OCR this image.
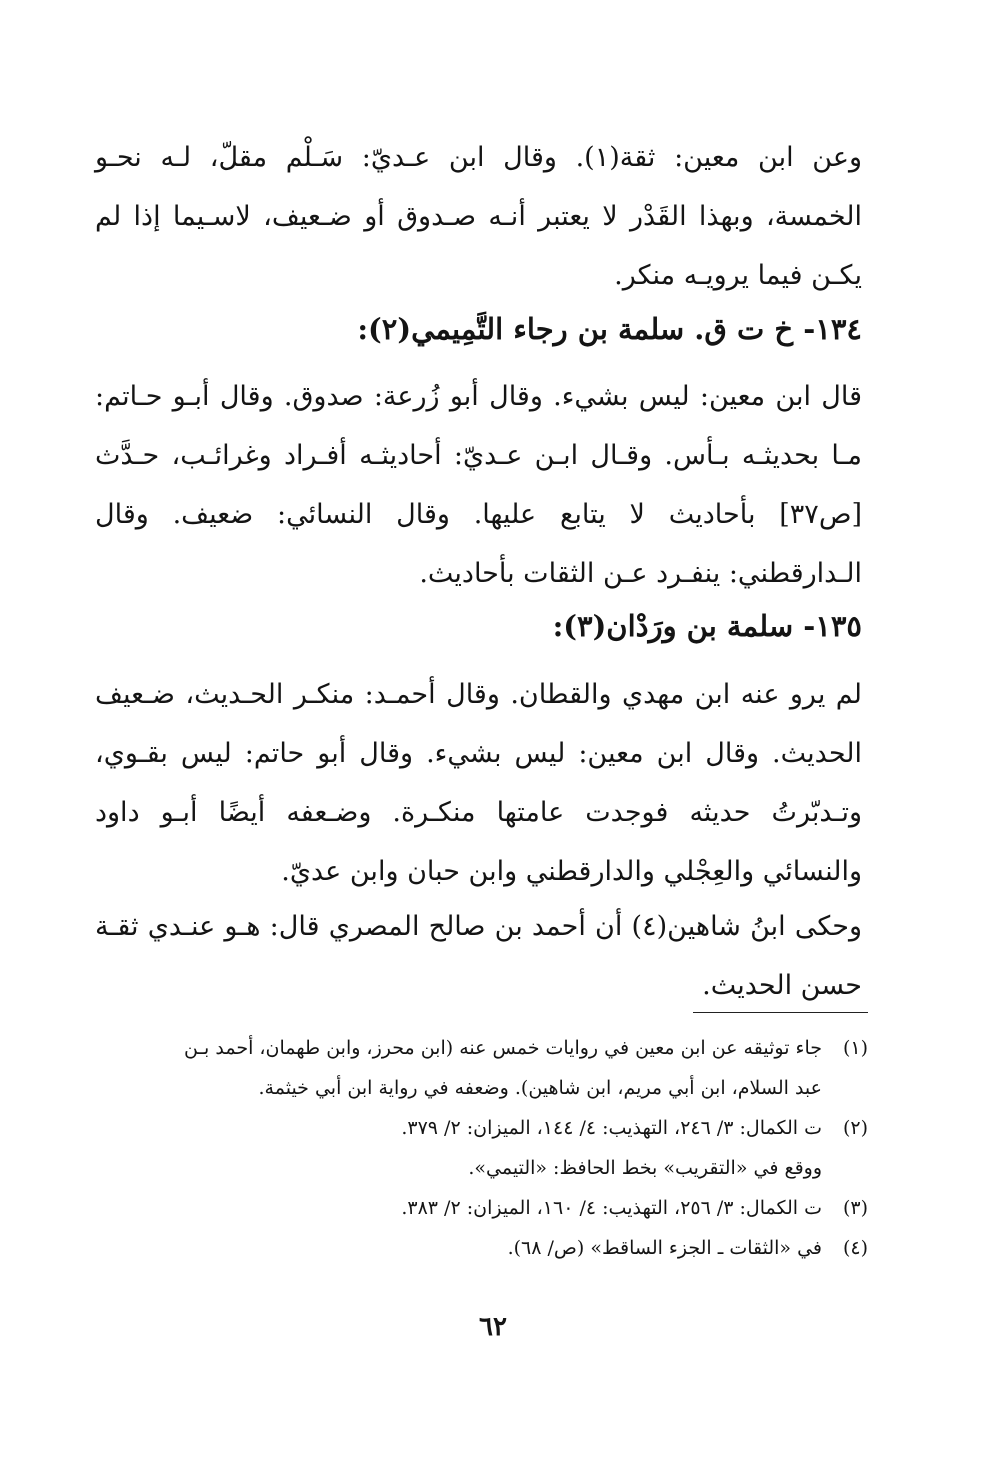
وعن ابن معين: ثقة(١). وقال ابن عـديّ: سَـلْم مقلّ، لـه نحـو الخمسة، وبهذا القَدْر لا يعتبر أنـه صـدوق أو ضـعيف، لاسـيما إذا لم يكـن فيما يرويـه منكر.

١٣٤- خ ت ق. سلمة بن رجاء التَّمِيمي(٢):

قال ابن معين: ليس بشيء. وقال أبو زُرعة: صدوق. وقال أبـو حـاتم: مـا بحديثـه بـأس. وقـال ابـن عـديّ: أحاديثـه أفـراد وغرائـب، حـدَّث [ص٣٧] بأحاديث لا يتابع عليها. وقال النسائي: ضعيف. وقال الـدارقطني: ينفـرد عـن الثقات بأحاديث.

١٣٥- سلمة بن ورَدْان(٣):

لم يرو عنه ابن مهدي والقطان. وقال أحمـد: منكـر الحـديث، ضـعيف الحديث. وقال ابن معين: ليس بشيء. وقال أبو حاتم: ليس بقـوي، وتـدبّرتُ حديثه فوجدت عامتها منكـرة. وضـعفه أيضًا أبـو داود والنسائي والعِجْلي والدارقطني وابن حبان وابن عديّ.

وحكى ابنُ شاهين(٤) أن أحمد بن صالح المصري قال: هـو عنـدي ثقـة حسن الحديث.

(١)
جاء توثيقه عن ابن معين في روايات خمس عنه (ابن محرز، وابن طهمان، أحمد بـن
عبد السلام، ابن أبي مريم، ابن شاهين). وضعفه في رواية ابن أبي خيثمة.
(٢)
ت الكمال: ٣/ ٢٤٦، التهذيب: ٤/ ١٤٤، الميزان: ٢/ ٣٧٩.
ووقع في «التقريب» بخط الحافظ: «التيمي».
(٣)
ت الكمال: ٣/ ٢٥٦، التهذيب: ٤/ ١٦٠، الميزان: ٢/ ٣٨٣.
(٤)
في «الثقات ـ الجزء الساقط» (ص/ ٦٨).
٦٢
